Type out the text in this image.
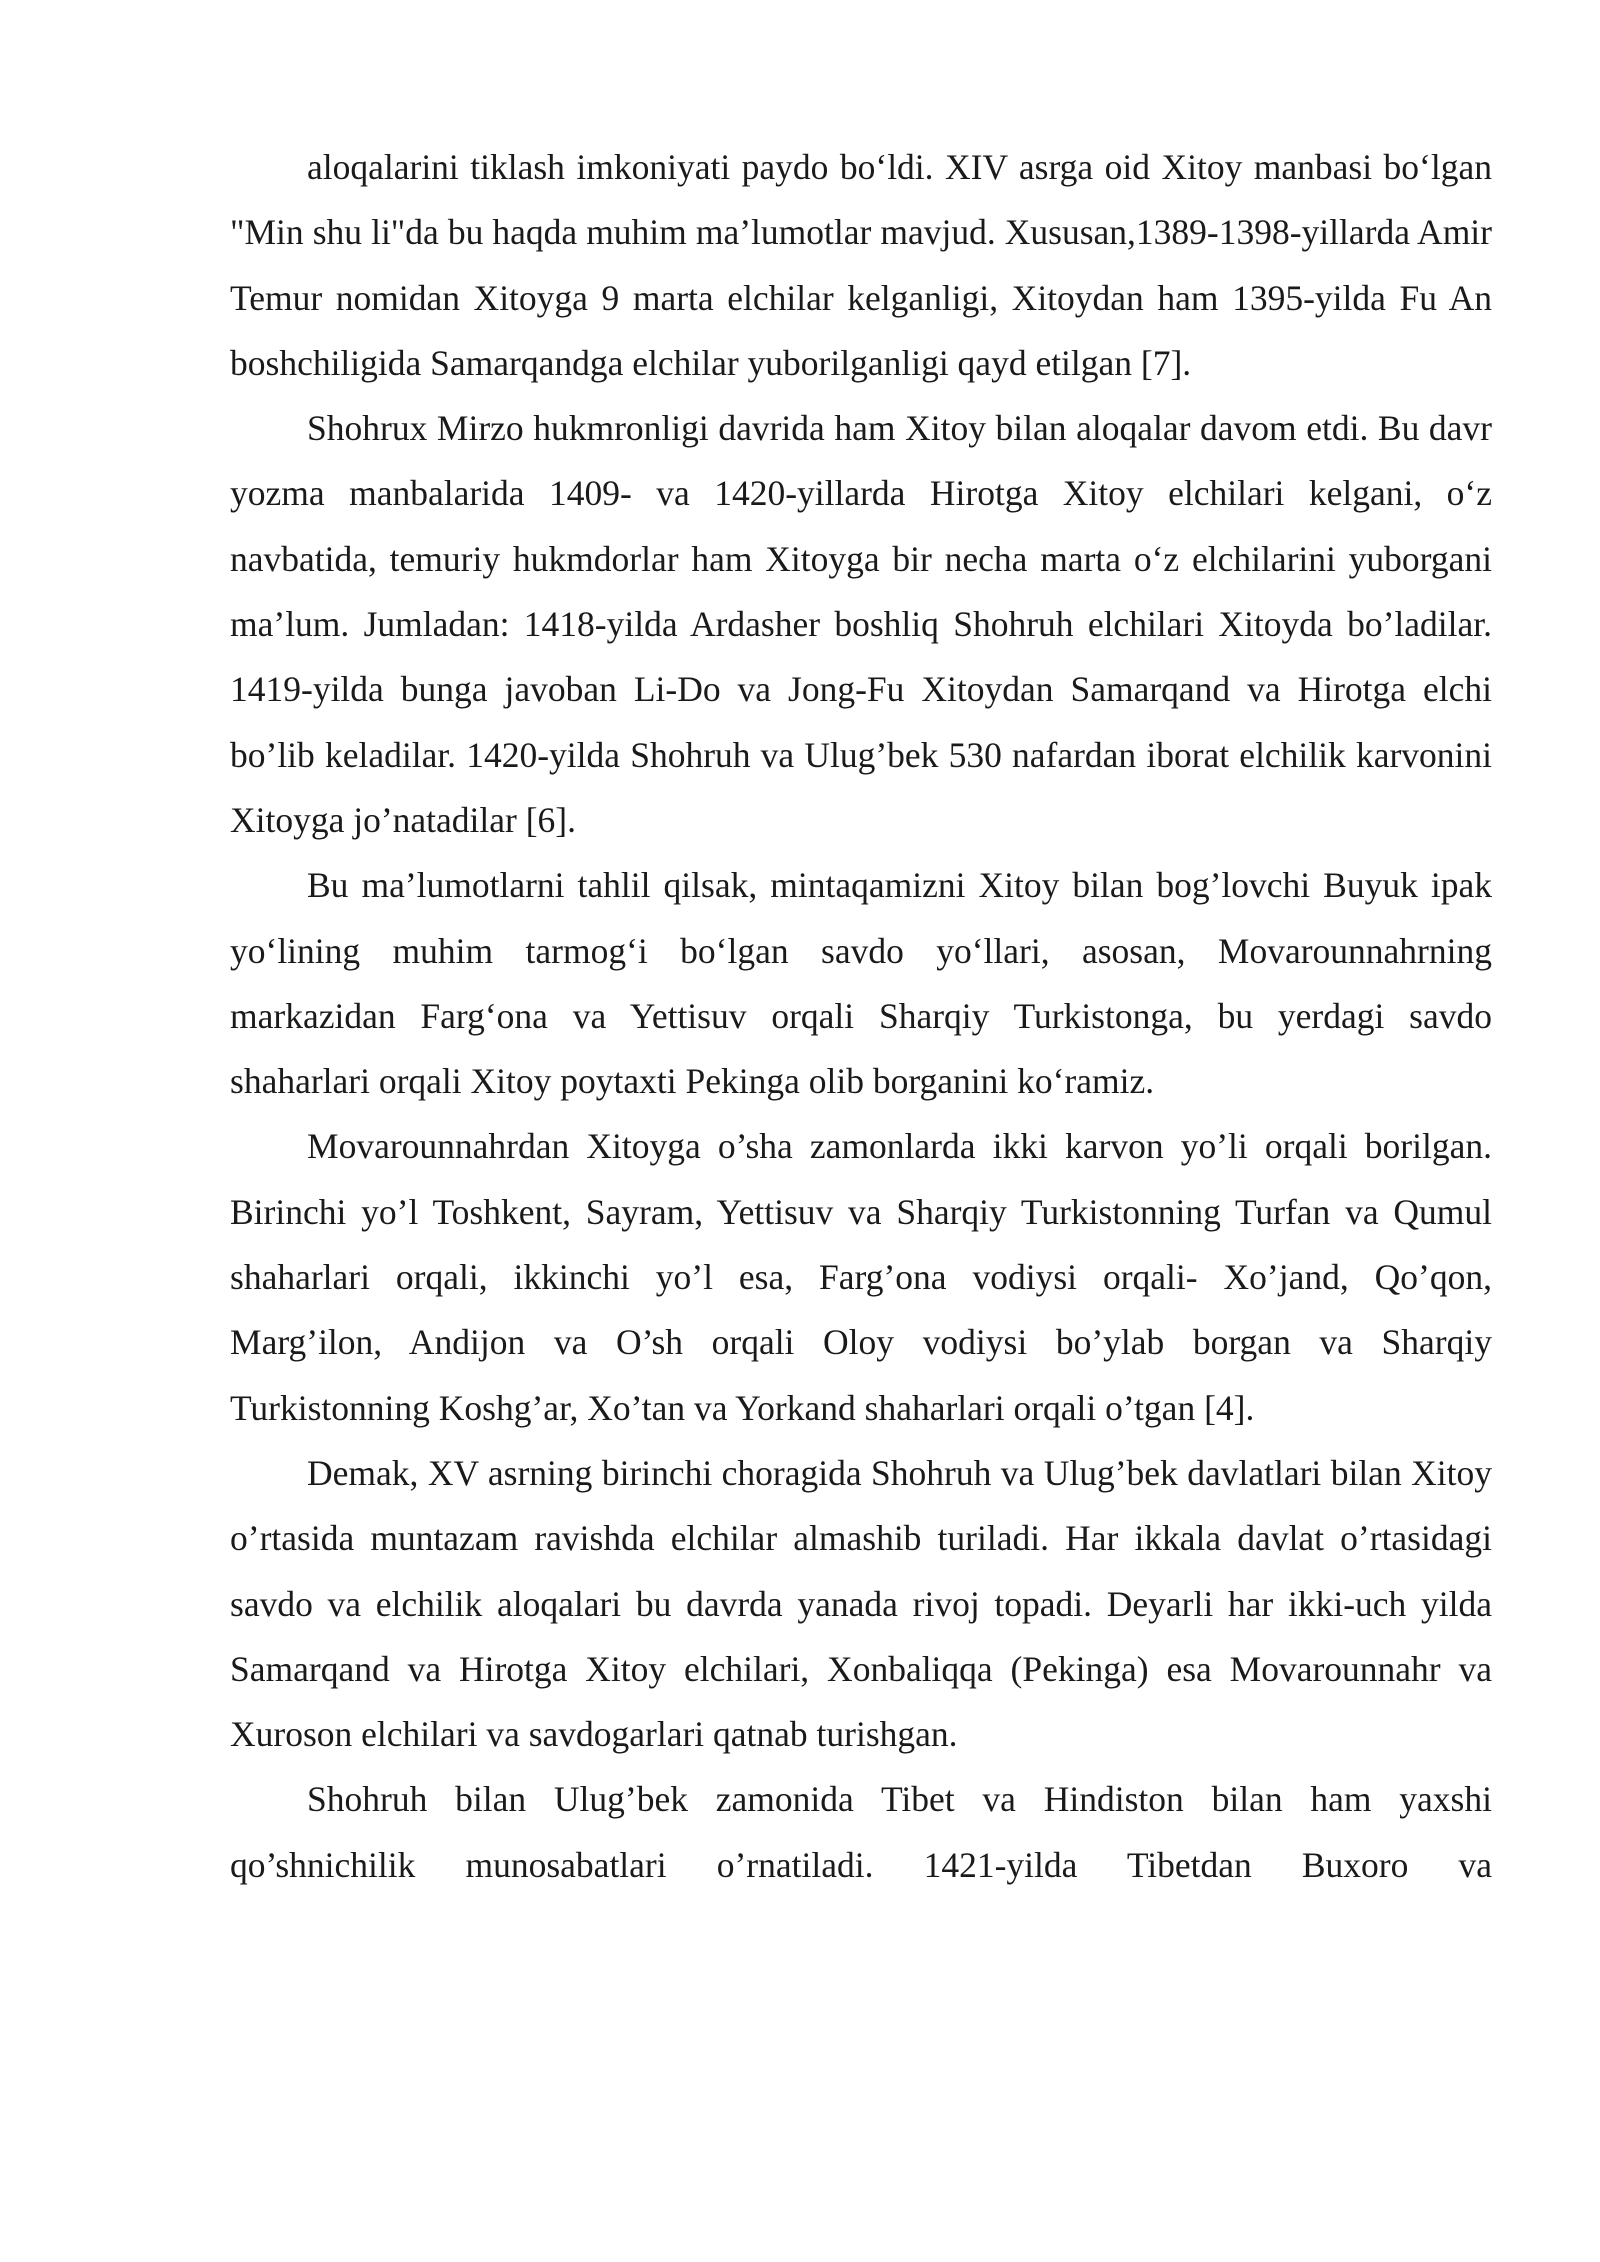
aloqalarini tiklash imkoniyati paydo bo‘ldi. XIV asrga oid Xitoy manbasi bo‘lgan "Min shu li"da bu haqda muhim ma’lumotlar mavjud. Xususan,1389-1398-yillarda Amir Temur nomidan Xitoyga 9 marta elchilar kelganligi, Xitoydan ham 1395-yilda Fu An boshchiligida Samarqandga elchilar yuborilganligi qayd etilgan [7].

Shohrux Mirzo hukmronligi davrida ham Xitoy bilan aloqalar davom etdi. Bu davr yozma manbalarida 1409- va 1420-yillarda Hirotga Xitoy elchilari kelgani, o‘z navbatida, temuriy hukmdorlar ham Xitoyga bir necha marta o‘z elchilarini yuborgani ma’lum. Jumladan: 1418-yilda Ardasher boshliq Shohruh elchilari Xitoyda bo’ladilar. 1419-yilda bunga javoban Li-Do va Jong-Fu Xitoydan Samarqand va Hirotga elchi bo’lib keladilar. 1420-yilda Shohruh va Ulug’bek 530 nafardan iborat elchilik karvonini Xitoyga jo’natadilar [6].

Bu ma’lumotlarni tahlil qilsak, mintaqamizni Xitoy bilan bog’lovchi Buyuk ipak yo‘lining muhim tarmog‘i bo‘lgan savdo yo‘llari, asosan, Movarounnahrning markazidan Farg‘ona va Yettisuv orqali Sharqiy Turkistonga, bu yerdagi savdo shaharlari orqali Xitoy poytaxti Pekinga olib borganini ko‘ramiz.

Movarounnahrdan Xitoyga o’sha zamonlarda ikki karvon yo’li orqali borilgan. Birinchi yo’l Toshkent, Sayram, Yettisuv va Sharqiy Turkistonning Turfan va Qumul shaharlari orqali, ikkinchi yo’l esa, Farg’ona vodiysi orqali- Xo’jand, Qo’qon, Marg’ilon, Andijon va O’sh orqali Oloy vodiysi bo’ylab borgan va Sharqiy Turkistonning Koshg’ar, Xo’tan va Yorkand shaharlari orqali o’tgan [4].

Demak, XV asrning birinchi choragida Shohruh va Ulug’bek davlatlari bilan Xitoy o’rtasida muntazam ravishda elchilar almashib turiladi. Har ikkala davlat o’rtasidagi savdo va elchilik aloqalari bu davrda yanada rivoj topadi. Deyarli har ikki-uch yilda Samarqand va Hirotga Xitoy elchilari, Xonbaliqqa (Pekinga) esa Movarounnahr va Xuroson elchilari va savdogarlari qatnab turishgan.

Shohruh bilan Ulug’bek zamonida Tibet va Hindiston bilan ham yaxshi qo’shnichilik munosabatlari o’rnatiladi. 1421-yilda Tibetdan Buxoro va
